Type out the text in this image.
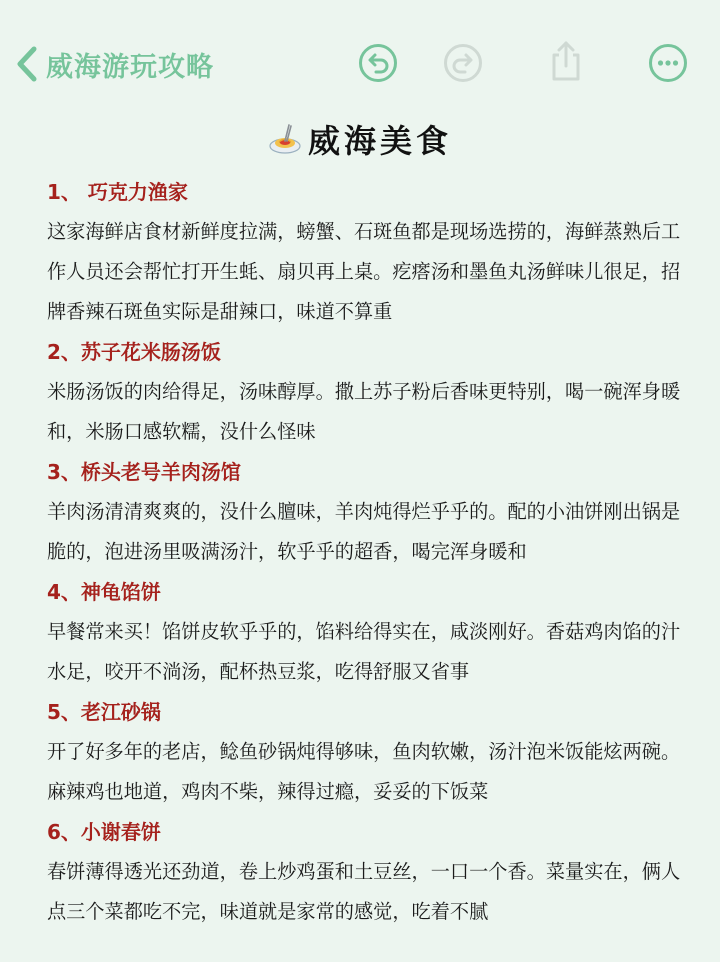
威海游玩攻略
威海美食
1、 巧克力渔家
这家海鲜店食材新鲜度拉满，螃蟹、石斑鱼都是现场选捞的，海鲜蒸熟后工作人员还会帮忙打开生蚝、扇贝再上桌。疙瘩汤和墨鱼丸汤鲜味儿很足，招牌香辣石斑鱼实际是甜辣口，味道不算重
2、苏子花米肠汤饭
米肠汤饭的肉给得足，汤味醇厚。撒上苏子粉后香味更特别，喝一碗浑身暖和，米肠口感软糯，没什么怪味
3、桥头老号羊肉汤馆
羊肉汤清清爽爽的，没什么膻味，羊肉炖得烂乎乎的。配的小油饼刚出锅是脆的，泡进汤里吸满汤汁，软乎乎的超香，喝完浑身暖和
4、神龟馅饼
早餐常来买！馅饼皮软乎乎的，馅料给得实在，咸淡刚好。香菇鸡肉馅的汁水足，咬开不淌汤，配杯热豆浆，吃得舒服又省事
5、老江砂锅
开了好多年的老店，鲶鱼砂锅炖得够味，鱼肉软嫩，汤汁泡米饭能炫两碗。麻辣鸡也地道，鸡肉不柴，辣得过瘾，妥妥的下饭菜
6、小谢春饼
春饼薄得透光还劲道，卷上炒鸡蛋和土豆丝，一口一个香。菜量实在，俩人点三个菜都吃不完，味道就是家常的感觉，吃着不腻
